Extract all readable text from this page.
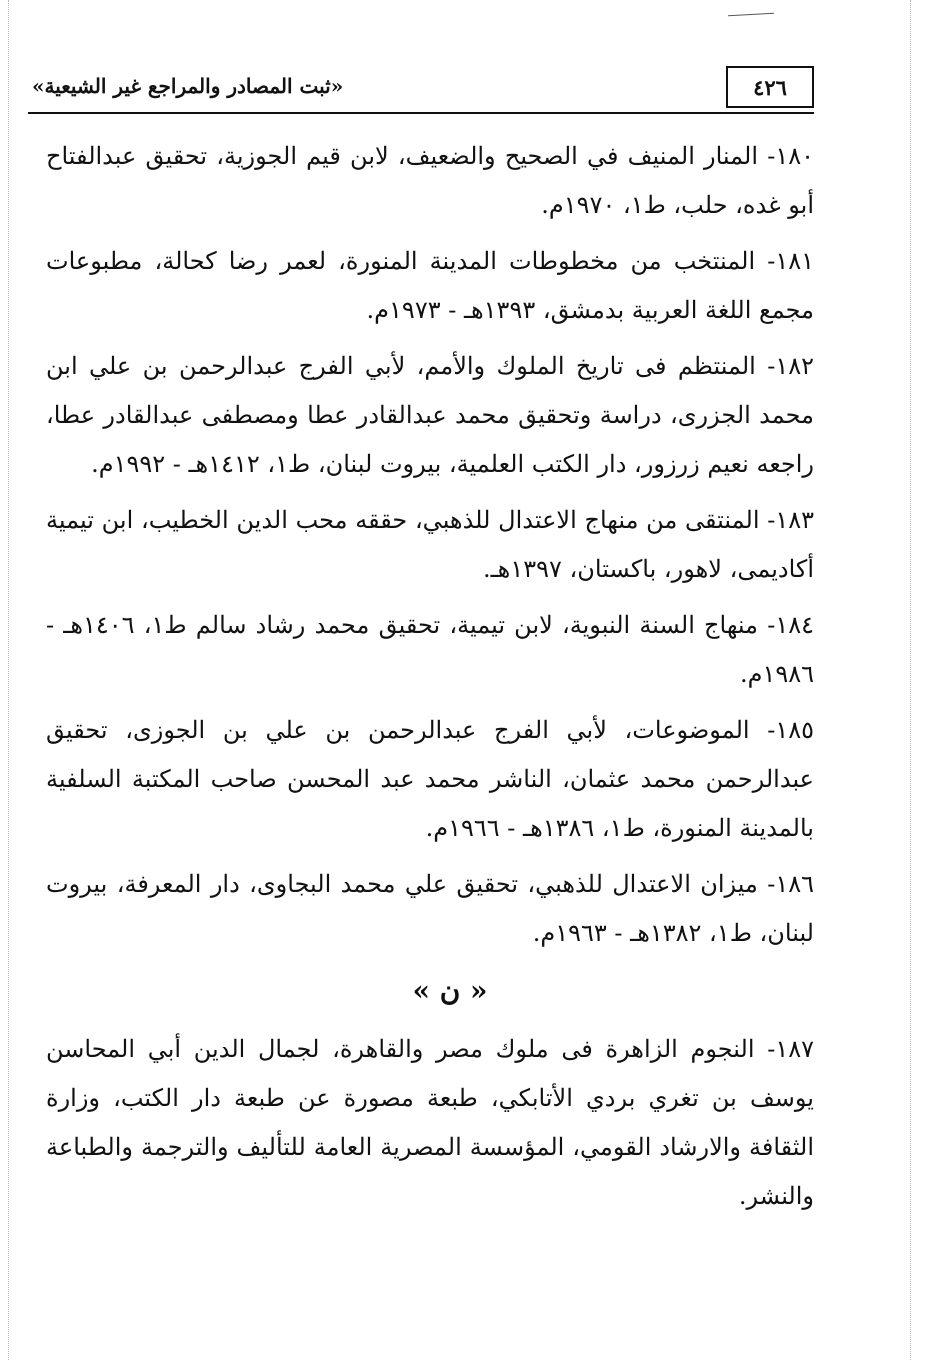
٤٢٦
«ثبت المصادر والمراجع غير الشيعية»

١٨٠- المنار المنيف في الصحيح والضعيف، لابن قيم الجوزية، تحقيق عبدالفتاح أبو غده، حلب، ط١، ١٩٧٠م.

١٨١- المنتخب من مخطوطات المدينة المنورة، لعمر رضا كحالة، مطبوعات مجمع اللغة العربية بدمشق، ١٣٩٣هـ - ١٩٧٣م.

١٨٢- المنتظم فى تاريخ الملوك والأمم، لأبي الفرج عبدالرحمن بن علي ابن محمد الجزرى، دراسة وتحقيق محمد عبدالقادر عطا ومصطفى عبدالقادر عطا، راجعه نعيم زرزور، دار الكتب العلمية، بيروت لبنان، ط١، ١٤١٢هـ - ١٩٩٢م.

١٨٣- المنتقى من منهاج الاعتدال للذهبي، حققه محب الدين الخطيب، ابن تيمية أكاديمى، لاهور، باكستان، ١٣٩٧هـ.

١٨٤- منهاج السنة النبوية، لابن تيمية، تحقيق محمد رشاد سالم ط١، ١٤٠٦هـ - ١٩٨٦م.

١٨٥- الموضوعات، لأبي الفرج عبدالرحمن بن علي بن الجوزى، تحقيق عبدالرحمن محمد عثمان، الناشر محمد عبد المحسن صاحب المكتبة السلفية بالمدينة المنورة، ط١، ١٣٨٦هـ - ١٩٦٦م.

١٨٦- ميزان الاعتدال للذهبي، تحقيق علي محمد البجاوى، دار المعرفة، بيروت لبنان، ط١، ١٣٨٢هـ - ١٩٦٣م.

« ن »

١٨٧- النجوم الزاهرة فى ملوك مصر والقاهرة، لجمال الدين أبي المحاسن يوسف بن تغري بردي الأتابكي، طبعة مصورة عن طبعة دار الكتب، وزارة الثقافة والارشاد القومي، المؤسسة المصرية العامة للتأليف والترجمة والطباعة والنشر.
